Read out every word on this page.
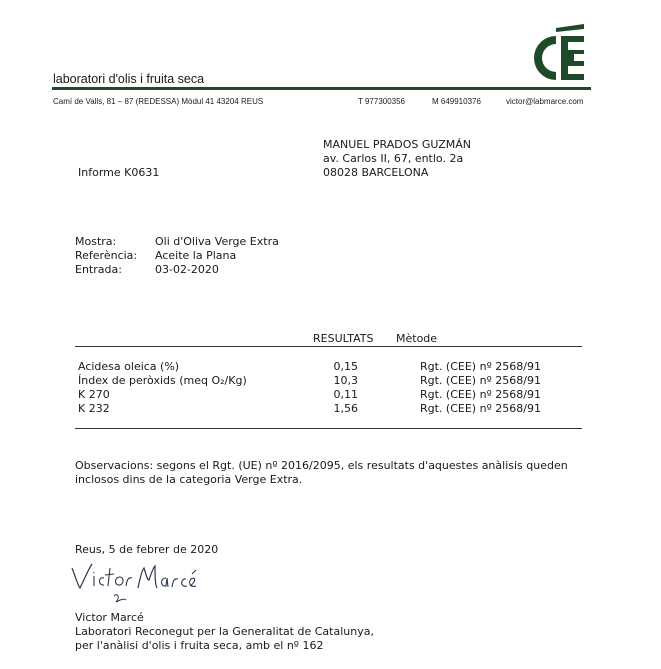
laboratori d'olis i fruita seca
Camí de Valls, 81 – 87 (REDESSA) Mòdul 41 43204 REUS	T 977300356	M 649910376	victor@labmarce.com
MANUEL PRADOS GUZMÁN
av. Carlos II, 67, entlo. 2a
08028 BARCELONA
Informe K0631
Mostra:	Oli d'Oliva Verge Extra
Referència: Aceite la Plana
Entrada:	03-02-2020
RESULTATS Mètode
Acidesa oleica (%)	0,15	Rgt. (CEE) nº 2568/91
Índex de peròxids (meq O₂/Kg)	10,3	Rgt. (CEE) nº 2568/91
K 270	0,11	Rgt. (CEE) nº 2568/91
K 232	1,56	Rgt. (CEE) nº 2568/91
Observacions: segons el Rgt. (UE) nº 2016/2095, els resultats d'aquestes anàlisis queden
inclosos dins de la categoria Verge Extra.
Reus, 5 de febrer de 2020
Victor Marcé
Laboratori Reconegut per la Generalitat de Catalunya,
per l'anàlisi d'olis i fruita seca, amb el nº 162
